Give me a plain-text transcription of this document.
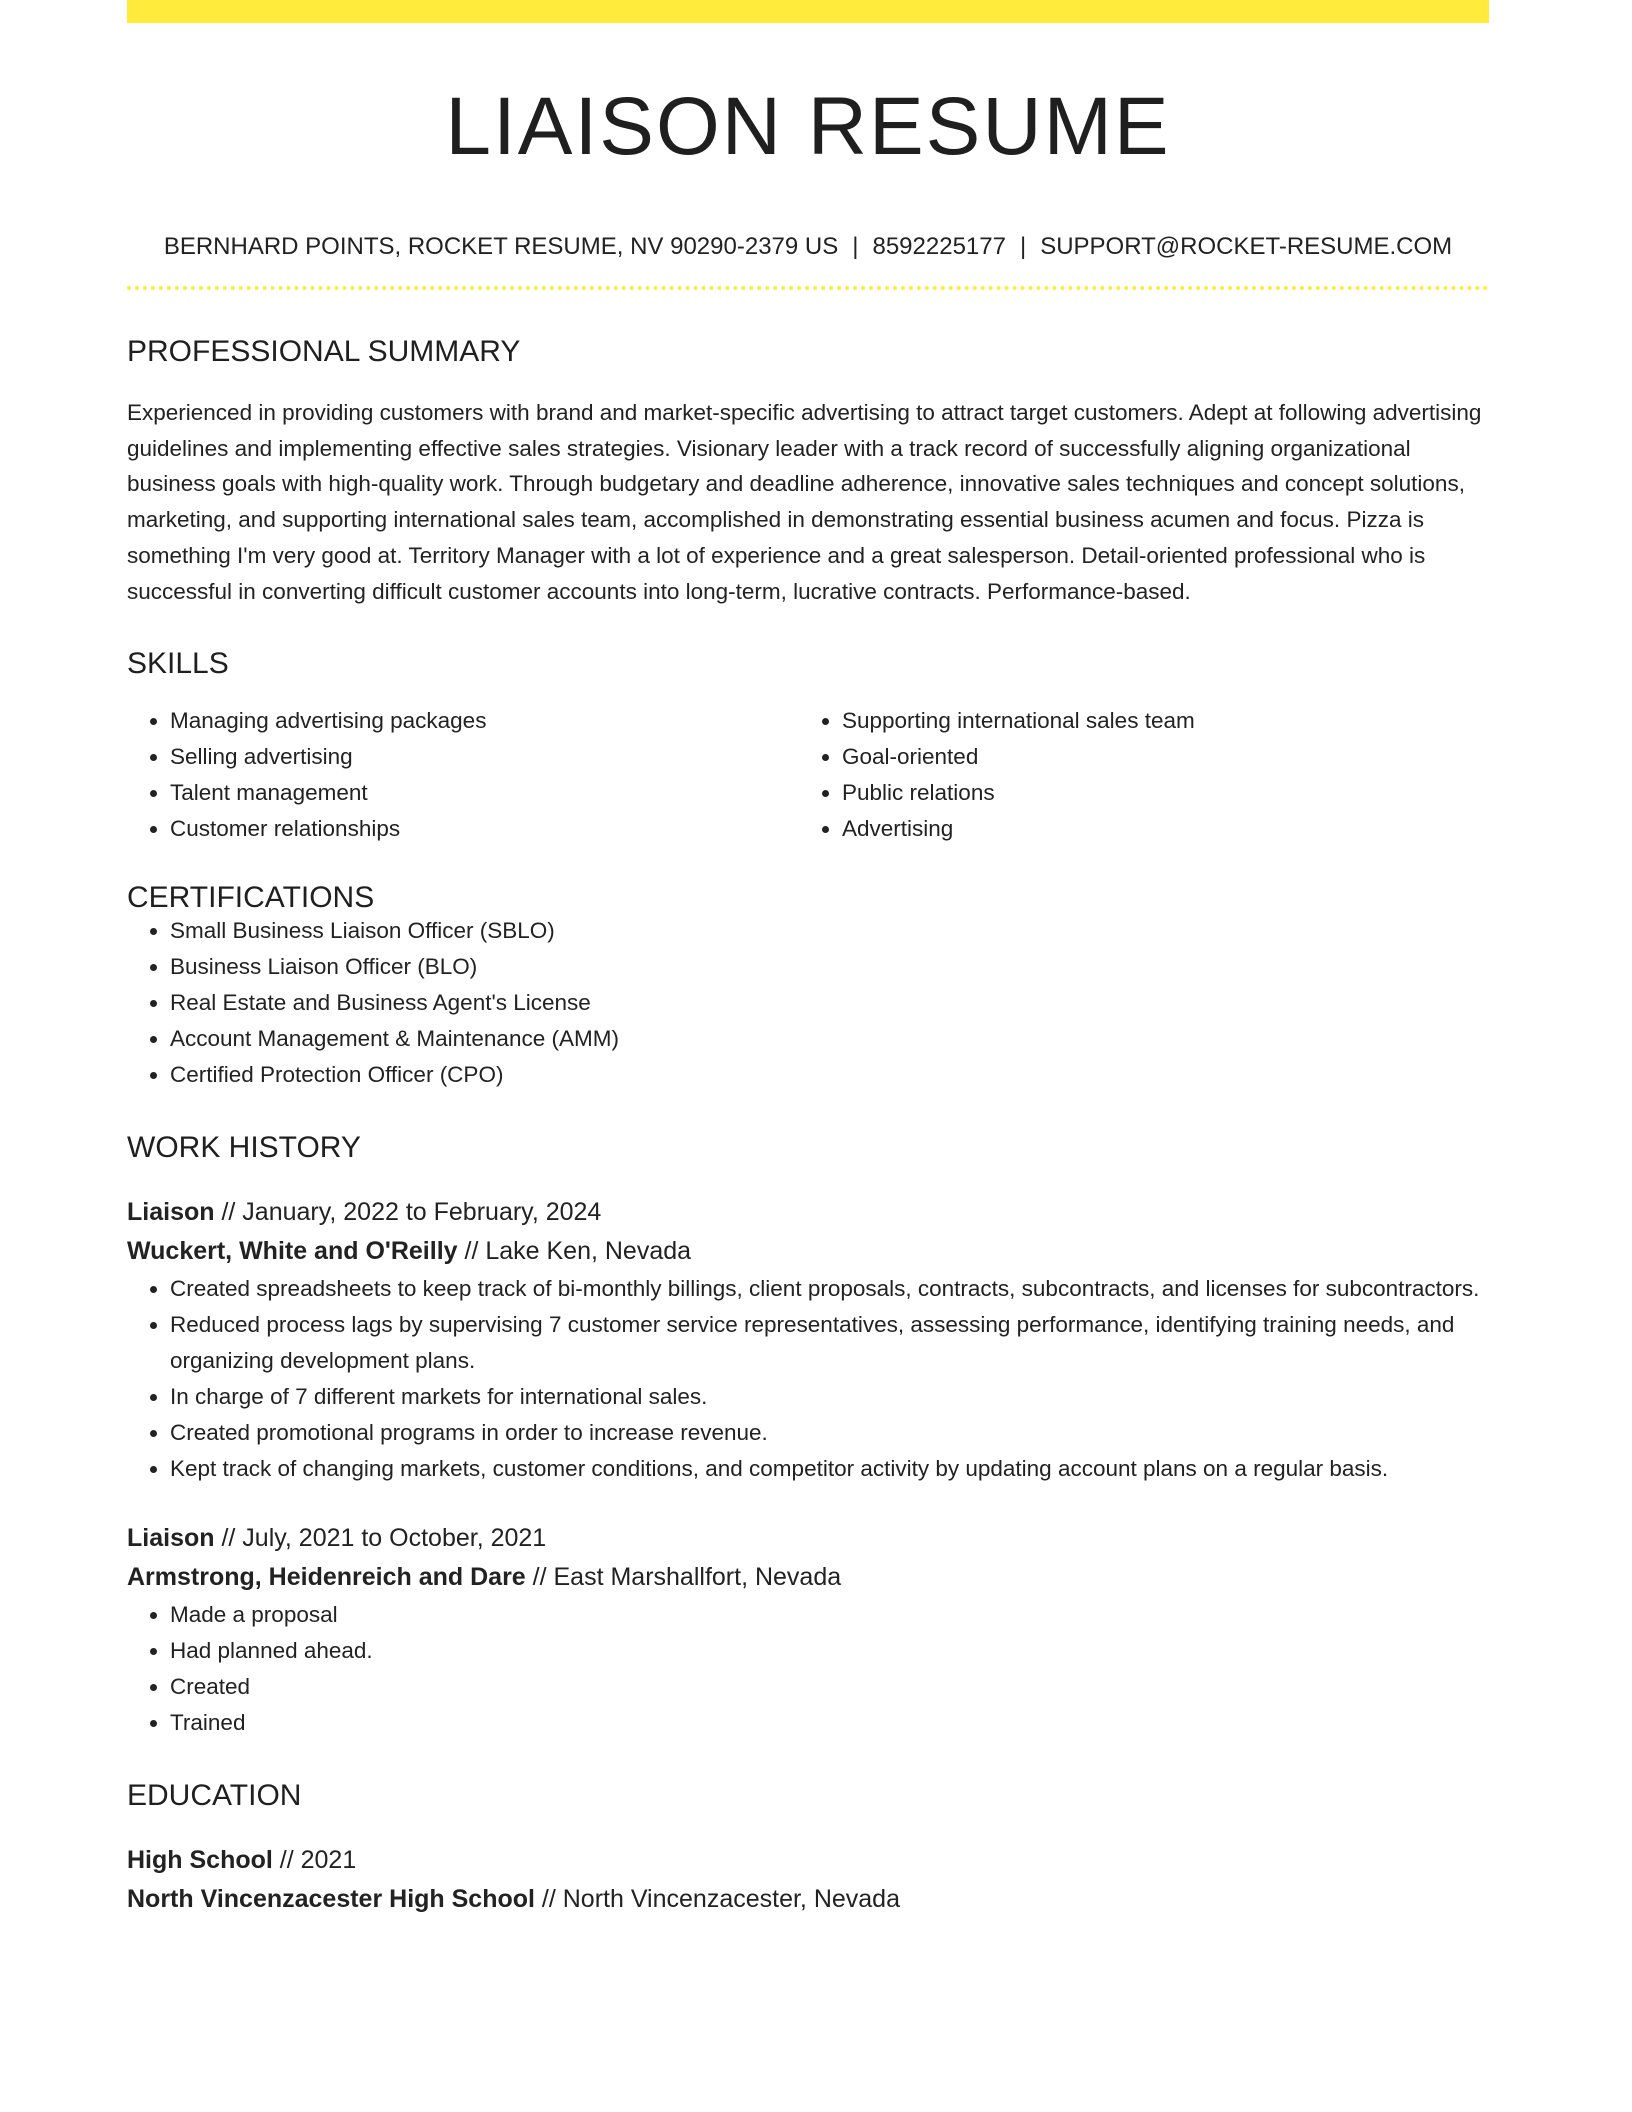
LIAISON RESUME
BERNHARD POINTS, ROCKET RESUME, NV 90290-2379 US | 8592225177 | SUPPORT@ROCKET-RESUME.COM
PROFESSIONAL SUMMARY

Experienced in providing customers with brand and market-specific advertising to attract target customers. Adept at following advertising guidelines and implementing effective sales strategies. Visionary leader with a track record of successfully aligning organizational business goals with high-quality work. Through budgetary and deadline adherence, innovative sales techniques and concept solutions, marketing, and supporting international sales team, accomplished in demonstrating essential business acumen and focus. Pizza is something I'm very good at. Territory Manager with a lot of experience and a great salesperson. Detail-oriented professional who is successful in converting difficult customer accounts into long-term, lucrative contracts. Performance-based.

SKILLS
• Managing advertising packages
• Selling advertising
• Talent management
• Customer relationships
• Supporting international sales team
• Goal-oriented
• Public relations
• Advertising
CERTIFICATIONS
• Small Business Liaison Officer (SBLO)
• Business Liaison Officer (BLO)
• Real Estate and Business Agent's License
• Account Management & Maintenance (AMM)
• Certified Protection Officer (CPO)
WORK HISTORY
Liaison // January, 2022 to February, 2024
Wuckert, White and O'Reilly // Lake Ken, Nevada
• Created spreadsheets to keep track of bi-monthly billings, client proposals, contracts, subcontracts, and licenses for subcontractors.
• Reduced process lags by supervising 7 customer service representatives, assessing performance, identifying training needs, and organizing development plans.
• In charge of 7 different markets for international sales.
• Created promotional programs in order to increase revenue.
• Kept track of changing markets, customer conditions, and competitor activity by updating account plans on a regular basis.
Liaison // July, 2021 to October, 2021
Armstrong, Heidenreich and Dare // East Marshallfort, Nevada
• Made a proposal
• Had planned ahead.
• Created
• Trained
EDUCATION
High School // 2021
North Vincenzacester High School // North Vincenzacester, Nevada
